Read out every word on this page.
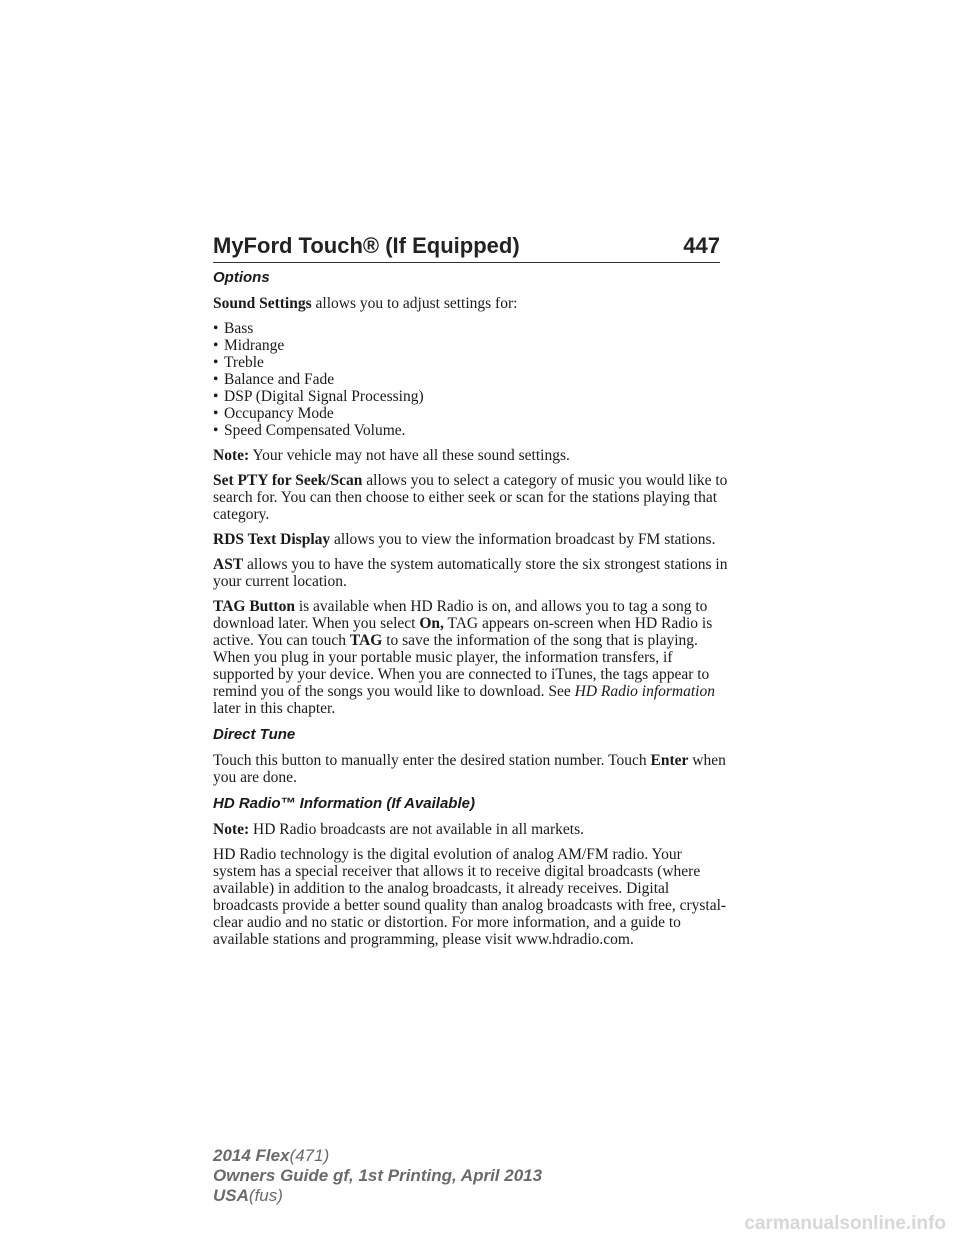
MyFord Touch® (If Equipped)	447
Options

Sound Settings allows you to adjust settings for:

• Bass
• Midrange
• Treble
• Balance and Fade
• DSP (Digital Signal Processing)
• Occupancy Mode
• Speed Compensated Volume.

Note: Your vehicle may not have all these sound settings.

Set PTY for Seek/Scan allows you to select a category of music you would like to search for. You can then choose to either seek or scan for the stations playing that category.

RDS Text Display allows you to view the information broadcast by FM stations.

AST allows you to have the system automatically store the six strongest stations in your current location.

TAG Button is available when HD Radio is on, and allows you to tag a song to download later. When you select On, TAG appears on-screen when HD Radio is active. You can touch TAG to save the information of the song that is playing. When you plug in your portable music player, the information transfers, if supported by your device. When you are connected to iTunes, the tags appear to remind you of the songs you would like to download. See HD Radio information later in this chapter.

Direct Tune

Touch this button to manually enter the desired station number. Touch Enter when you are done.

HD Radio™ Information (If Available)

Note: HD Radio broadcasts are not available in all markets.

HD Radio technology is the digital evolution of analog AM/FM radio. Your system has a special receiver that allows it to receive digital broadcasts (where available) in addition to the analog broadcasts, it already receives. Digital broadcasts provide a better sound quality than analog broadcasts with free, crystal-clear audio and no static or distortion. For more information, and a guide to available stations and programming, please visit www.hdradio.com.

2014 Flex(471)
Owners Guide gf, 1st Printing, April 2013
USA(fus)
carmanualsonline.info
